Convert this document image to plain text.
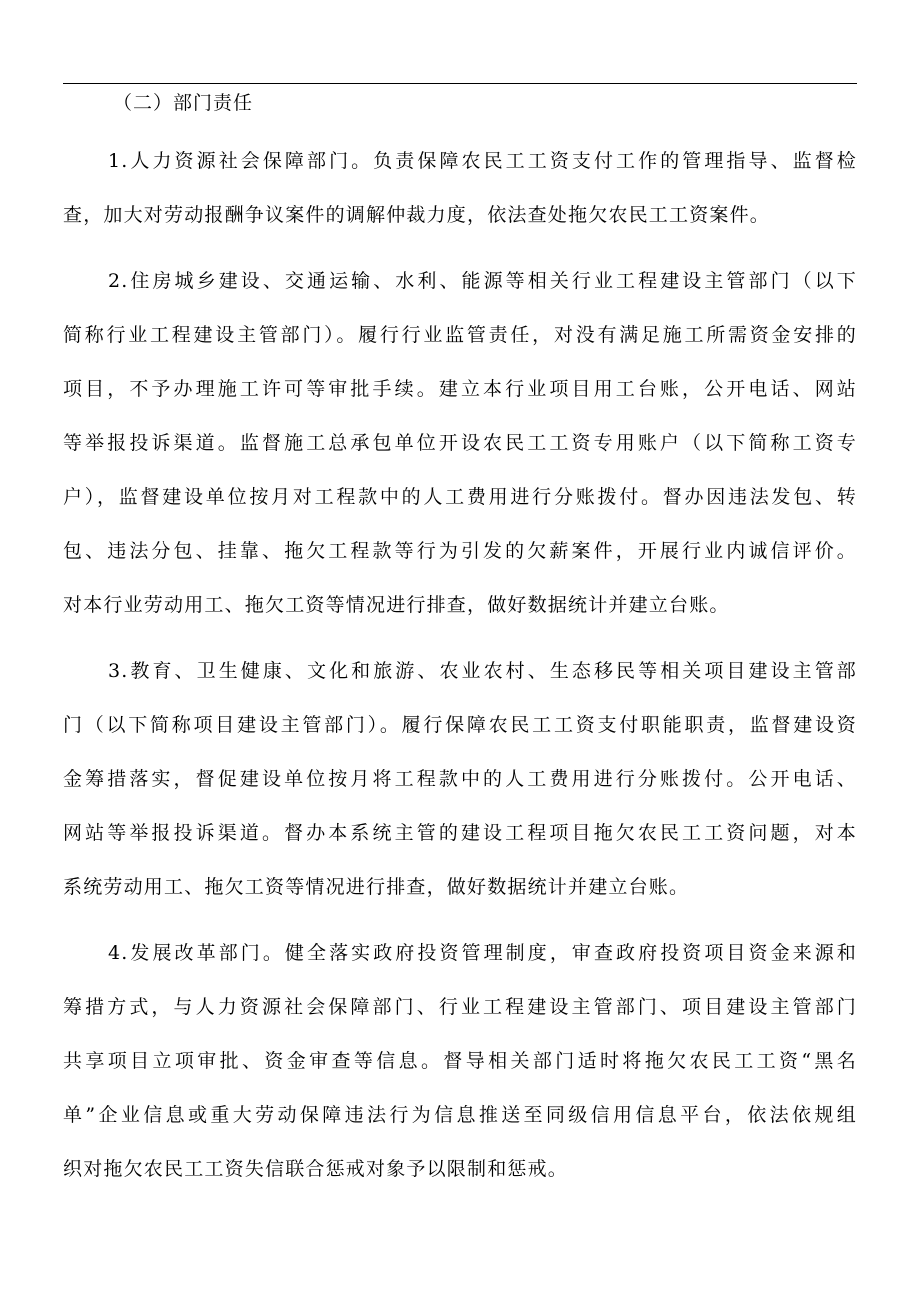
（二）部门责任
1.人力资源社会保障部门。负责保障农民工工资支付工作的管理指导、监督检
查，加大对劳动报酬争议案件的调解仲裁力度，依法查处拖欠农民工工资案件。
2.住房城乡建设、交通运输、水利、能源等相关行业工程建设主管部门（以下
简称行业工程建设主管部门）。履行行业监管责任，对没有满足施工所需资金安排的
项目，不予办理施工许可等审批手续。建立本行业项目用工台账，公开电话、网站
等举报投诉渠道。监督施工总承包单位开设农民工工资专用账户（以下简称工资专
户），监督建设单位按月对工程款中的人工费用进行分账拨付。督办因违法发包、转
包、违法分包、挂靠、拖欠工程款等行为引发的欠薪案件，开展行业内诚信评价。
对本行业劳动用工、拖欠工资等情况进行排查，做好数据统计并建立台账。
3.教育、卫生健康、文化和旅游、农业农村、生态移民等相关项目建设主管部
门（以下简称项目建设主管部门）。履行保障农民工工资支付职能职责，监督建设资
金筹措落实，督促建设单位按月将工程款中的人工费用进行分账拨付。公开电话、
网站等举报投诉渠道。督办本系统主管的建设工程项目拖欠农民工工资问题，对本
系统劳动用工、拖欠工资等情况进行排查，做好数据统计并建立台账。
4.发展改革部门。健全落实政府投资管理制度，审查政府投资项目资金来源和
筹措方式，与人力资源社会保障部门、行业工程建设主管部门、项目建设主管部门
共享项目立项审批、资金审查等信息。督导相关部门适时将拖欠农民工工资“黑名
单”企业信息或重大劳动保障违法行为信息推送至同级信用信息平台，依法依规组
织对拖欠农民工工资失信联合惩戒对象予以限制和惩戒。
